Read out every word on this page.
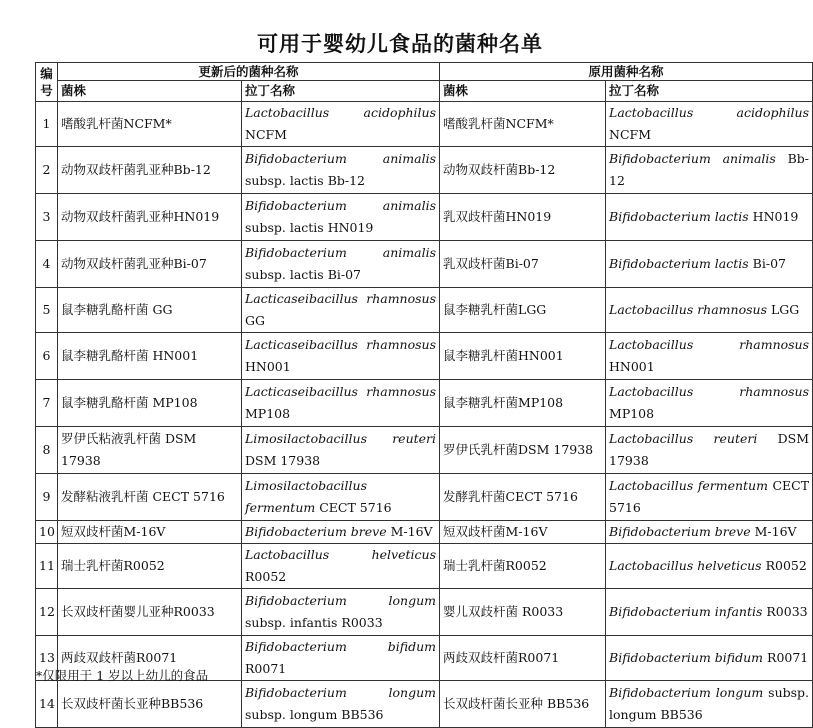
可用于婴幼儿食品的菌种名单
编号	更新后的菌种名称		原用菌种名称	
	菌株	拉丁名称	菌株	拉丁名称
1	嗜酸乳杆菌NCFM*	Lactobacillus acidophilus NCFM	嗜酸乳杆菌NCFM*	Lactobacillus acidophilus NCFM
2	动物双歧杆菌乳亚种Bb-12	Bifidobacterium animalis subsp. lactis Bb-12	动物双歧杆菌Bb-12	Bifidobacterium animalis Bb-12
3	动物双歧杆菌乳亚种HN019	Bifidobacterium animalis subsp. lactis HN019	乳双歧杆菌HN019	Bifidobacterium lactis HN019
4	动物双歧杆菌乳亚种Bi-07	Bifidobacterium animalis subsp. lactis Bi-07	乳双歧杆菌Bi-07	Bifidobacterium lactis Bi-07
5	鼠李糖乳酪杆菌 GG	Lacticaseibacillus rhamnosus GG	鼠李糖乳杆菌LGG	Lactobacillus rhamnosus LGG
6	鼠李糖乳酪杆菌 HN001	Lacticaseibacillus rhamnosus HN001	鼠李糖乳杆菌HN001	Lactobacillus rhamnosus HN001
7	鼠李糖乳酪杆菌 MP108	Lacticaseibacillus rhamnosus MP108	鼠李糖乳杆菌MP108	Lactobacillus rhamnosus MP108
8	罗伊氏粘液乳杆菌 DSM 17938	Limosilactobacillus reuteri DSM 17938	罗伊氏乳杆菌DSM 17938	Lactobacillus reuteri DSM 17938
9	发酵粘液乳杆菌 CECT 5716	Limosilactobacillus fermentum CECT 5716	发酵乳杆菌CECT 5716	Lactobacillus fermentum CECT 5716
10	短双歧杆菌M-16V	Bifidobacterium breve M-16V	短双歧杆菌M-16V	Bifidobacterium breve M-16V
11	瑞士乳杆菌R0052	Lactobacillus helveticus R0052	瑞士乳杆菌R0052	Lactobacillus helveticus R0052
12	长双歧杆菌婴儿亚种R0033	Bifidobacterium longum subsp. infantis R0033	婴儿双歧杆菌 R0033	Bifidobacterium infantis R0033
13	两歧双歧杆菌R0071	Bifidobacterium bifidum R0071	两歧双歧杆菌R0071	Bifidobacterium bifidum R0071
14	长双歧杆菌长亚种BB536	Bifidobacterium longum subsp. longum BB536	长双歧杆菌长亚种 BB536	Bifidobacterium longum subsp. longum BB536
*仅限用于 1 岁以上幼儿的食品
